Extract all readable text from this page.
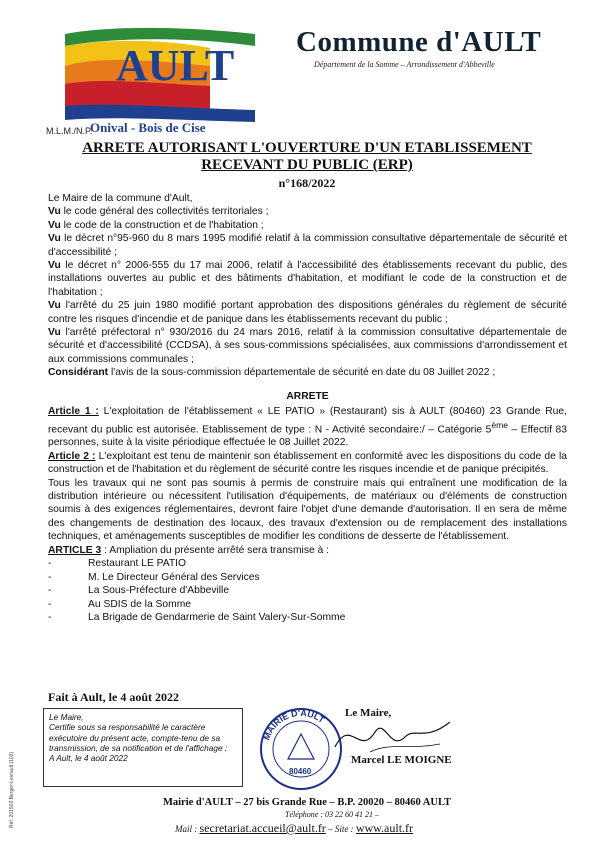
AULT
Onival - Bois de Cise
Commune d'AULT
Département de la Somme – Arrondissement d'Abbeville
M.L.M./N.P.
ARRETE AUTORISANT L'OUVERTURE D'UN ETABLISSEMENT
RECEVANT DU PUBLIC (ERP)
n°168/2022

Le Maire de la commune d'Ault,

Vu le code général des collectivités territoriales ;

Vu le code de la construction et de l'habitation ;

Vu le décret n°95-960 du 8 mars 1995 modifié relatif à la commission consultative départementale de sécurité et d'accessibilité ;

Vu le décret n° 2006-555 du 17 mai 2006, relatif à l'accessibilité des établissements recevant du public, des installations ouvertes au public et des bâtiments d'habitation, et modifiant le code de la construction et de l'habitation ;

Vu l'arrêté du 25 juin 1980 modifié portant approbation des dispositions générales du règlement de sécurité contre les risques d'incendie et de panique dans les établissements recevant du public ;

Vu l'arrêté préfectoral n° 930/2016 du 24 mars 2016, relatif à la commission consultative départementale de sécurité et d'accessibilité (CCDSA), à ses sous-commissions spécialisées, aux commissions d'arrondissement et aux commissions communales ;

Considérant l'avis de la sous-commission départementale de sécurité en date du 08 Juillet 2022 ;

ARRETE

Article 1 : L'exploitation de l'établissement « LE PATIO » (Restaurant) sis à AULT (80460) 23 Grande Rue, recevant du public est autorisée. Etablissement de type : N - Activité secondaire:/ – Catégorie 5ème – Effectif 83 personnes, suite à la visite périodique effectuée le 08 Juillet 2022.

Article 2 : L'exploitant est tenu de maintenir son établissement en conformité avec les dispositions du code de la construction et de l'habitation et du règlement de sécurité contre les risques incendie et de panique précipités.

Tous les travaux qui ne sont pas soumis à permis de construire mais qui entraînent une modification de la distribution intérieure ou nécessitent l'utilisation d'équipements, de matériaux ou d'éléments de construction soumis à des exigences réglementaires, devront faire l'objet d'une demande d'autorisation. Il en sera de même des changements de destination des locaux, des travaux d'extension ou de remplacement des installations techniques, et aménagements susceptibles de modifier les conditions de desserte de l'établissement.

ARTICLE 3 : Ampliation du présente arrêté sera transmise à :

- Restaurant LE PATIO
- M. Le Directeur Général des Services
- La Sous-Préfecture d'Abbeville
- Au SDIS de la Somme
- La Brigade de Gendarmerie de Saint Valery-Sur-Somme
Fait à Ault, le 4 août 2022
Le Maire,
Certifie sous sa responsabilité le caractère exécutoire du présent acte, compte-tenu de sa transmission, de sa notification et de l'affichage :
A Ault, le 4 août 2022
MAIRIE D'AULT
80460
Le Maire,
Marcel LE MOIGNE
Mairie d'AULT – 27 bis Grande Rue – B.P. 20020 – 80460 AULT
Téléphone : 03 22 60 41 21 –
Mail : secretariat.accueil@ault.fr – Site : www.ault.fr
Réf. 201503 Berger-Levrault (102)
